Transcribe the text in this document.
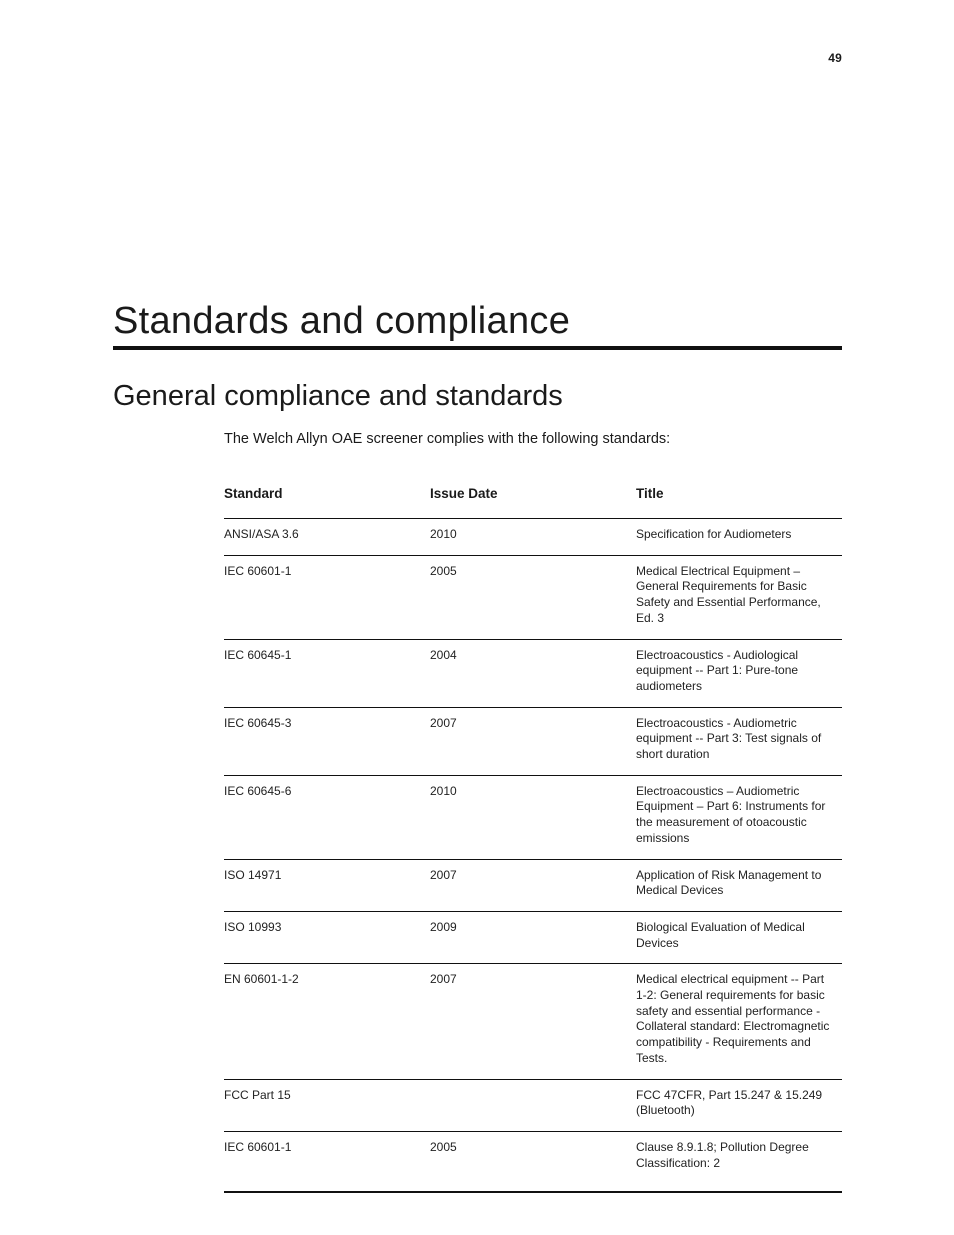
49
Standards and compliance
General compliance and standards

The Welch Allyn OAE screener complies with the following standards:

Standard	Issue Date	Title
ANSI/ASA 3.6	2010	Specification for Audiometers
IEC 60601-1	2005	Medical Electrical Equipment – General Requirements for Basic Safety and Essential Performance, Ed. 3
IEC 60645-1	2004	Electroacoustics - Audiological equipment -- Part 1: Pure-tone audiometers
IEC 60645-3	2007	Electroacoustics - Audiometric equipment -- Part 3: Test signals of short duration
IEC 60645-6	2010	Electroacoustics – Audiometric Equipment – Part 6: Instruments for the measurement of otoacoustic emissions
ISO 14971	2007	Application of Risk Management to Medical Devices
ISO 10993	2009	Biological Evaluation of Medical Devices
EN 60601-1-2	2007	Medical electrical equipment -- Part 1-2: General requirements for basic safety and essential performance - Collateral standard: Electromagnetic compatibility - Requirements and Tests.
FCC Part 15		FCC 47CFR, Part 15.247 & 15.249 (Bluetooth)
IEC 60601-1	2005	Clause 8.9.1.8; Pollution Degree Classification: 2
